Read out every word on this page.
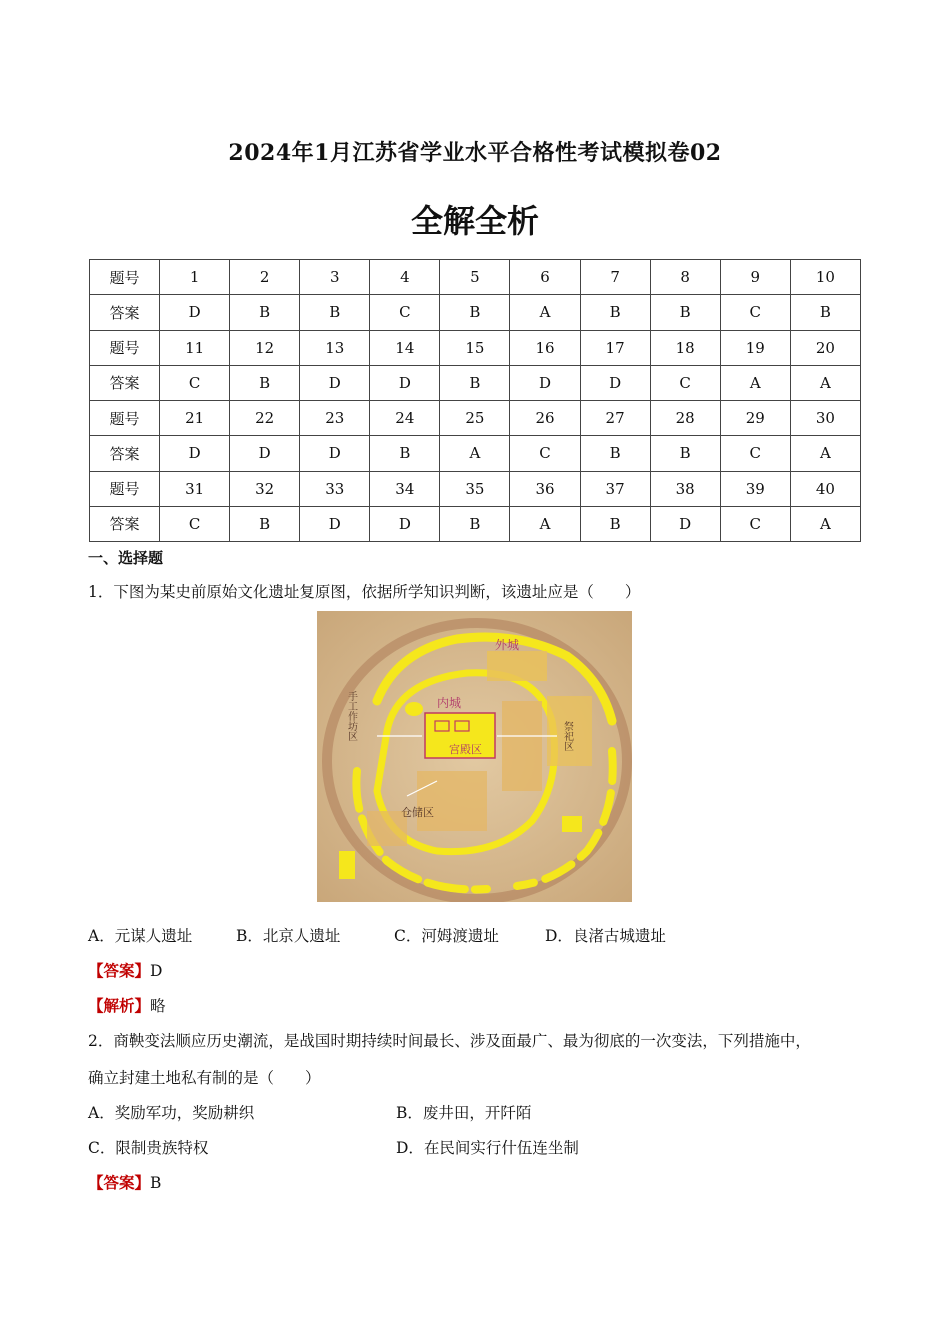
2024年1月江苏省学业水平合格性考试模拟卷02
全解全析
题号	1	2	3	4	5	6	7	8	9	10
答案	D	B	B	C	B	A	B	B	C	B
题号	11	12	13	14	15	16	17	18	19	20
答案	C	B	D	D	B	D	D	C	A	A
题号	21	22	23	24	25	26	27	28	29	30
答案	D	D	D	B	A	C	B	B	C	A
题号	31	32	33	34	35	36	37	38	39	40
答案	C	B	D	D	B	A	B	D	C	A
一、选择题
1．下图为某史前原始文化遗址复原图，依据所学知识判断，该遗址应是（　　）
外城
内城
宫殿区
手工作坊区	祭祀区
仓储区
A．元谋人遗址	B．北京人遗址	C．河姆渡遗址	D．良渚古城遗址
【答案】D
【解析】略
2．商鞅变法顺应历史潮流，是战国时期持续时间最长、涉及面最广、最为彻底的一次变法，下列措施中，
确立封建土地私有制的是（　　）
A．奖励军功，奖励耕织	B．废井田，开阡陌
C．限制贵族特权	D．在民间实行什伍连坐制
【答案】B
